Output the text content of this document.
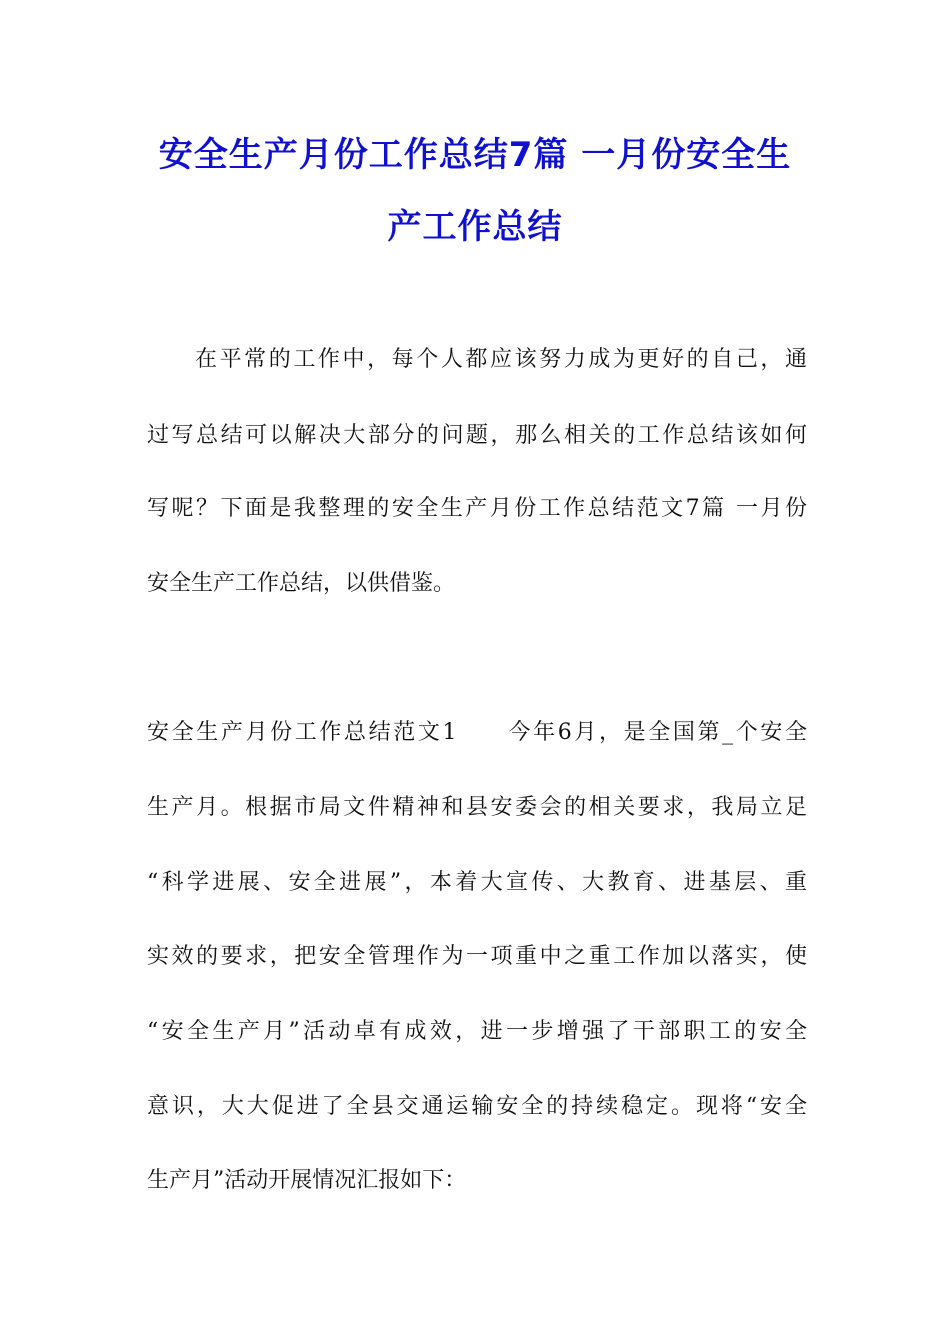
安全生产月份工作总结7篇 一月份安全生
产工作总结
在平常的工作中，每个人都应该努力成为更好的自己，通
过写总结可以解决大部分的问题，那么相关的工作总结该如何
写呢？下面是我整理的安全生产月份工作总结范文7篇 一月份
安全生产工作总结，以供借鉴。
安全生产月份工作总结范文1　　今年6月，是全国第_个安全
生产月。根据市局文件精神和县安委会的相关要求，我局立足
“科学进展、安全进展”，本着大宣传、大教育、进基层、重
实效的要求，把安全管理作为一项重中之重工作加以落实，使
“安全生产月”活动卓有成效，进一步增强了干部职工的安全
意识，大大促进了全县交通运输安全的持续稳定。现将“安全
生产月”活动开展情况汇报如下：
